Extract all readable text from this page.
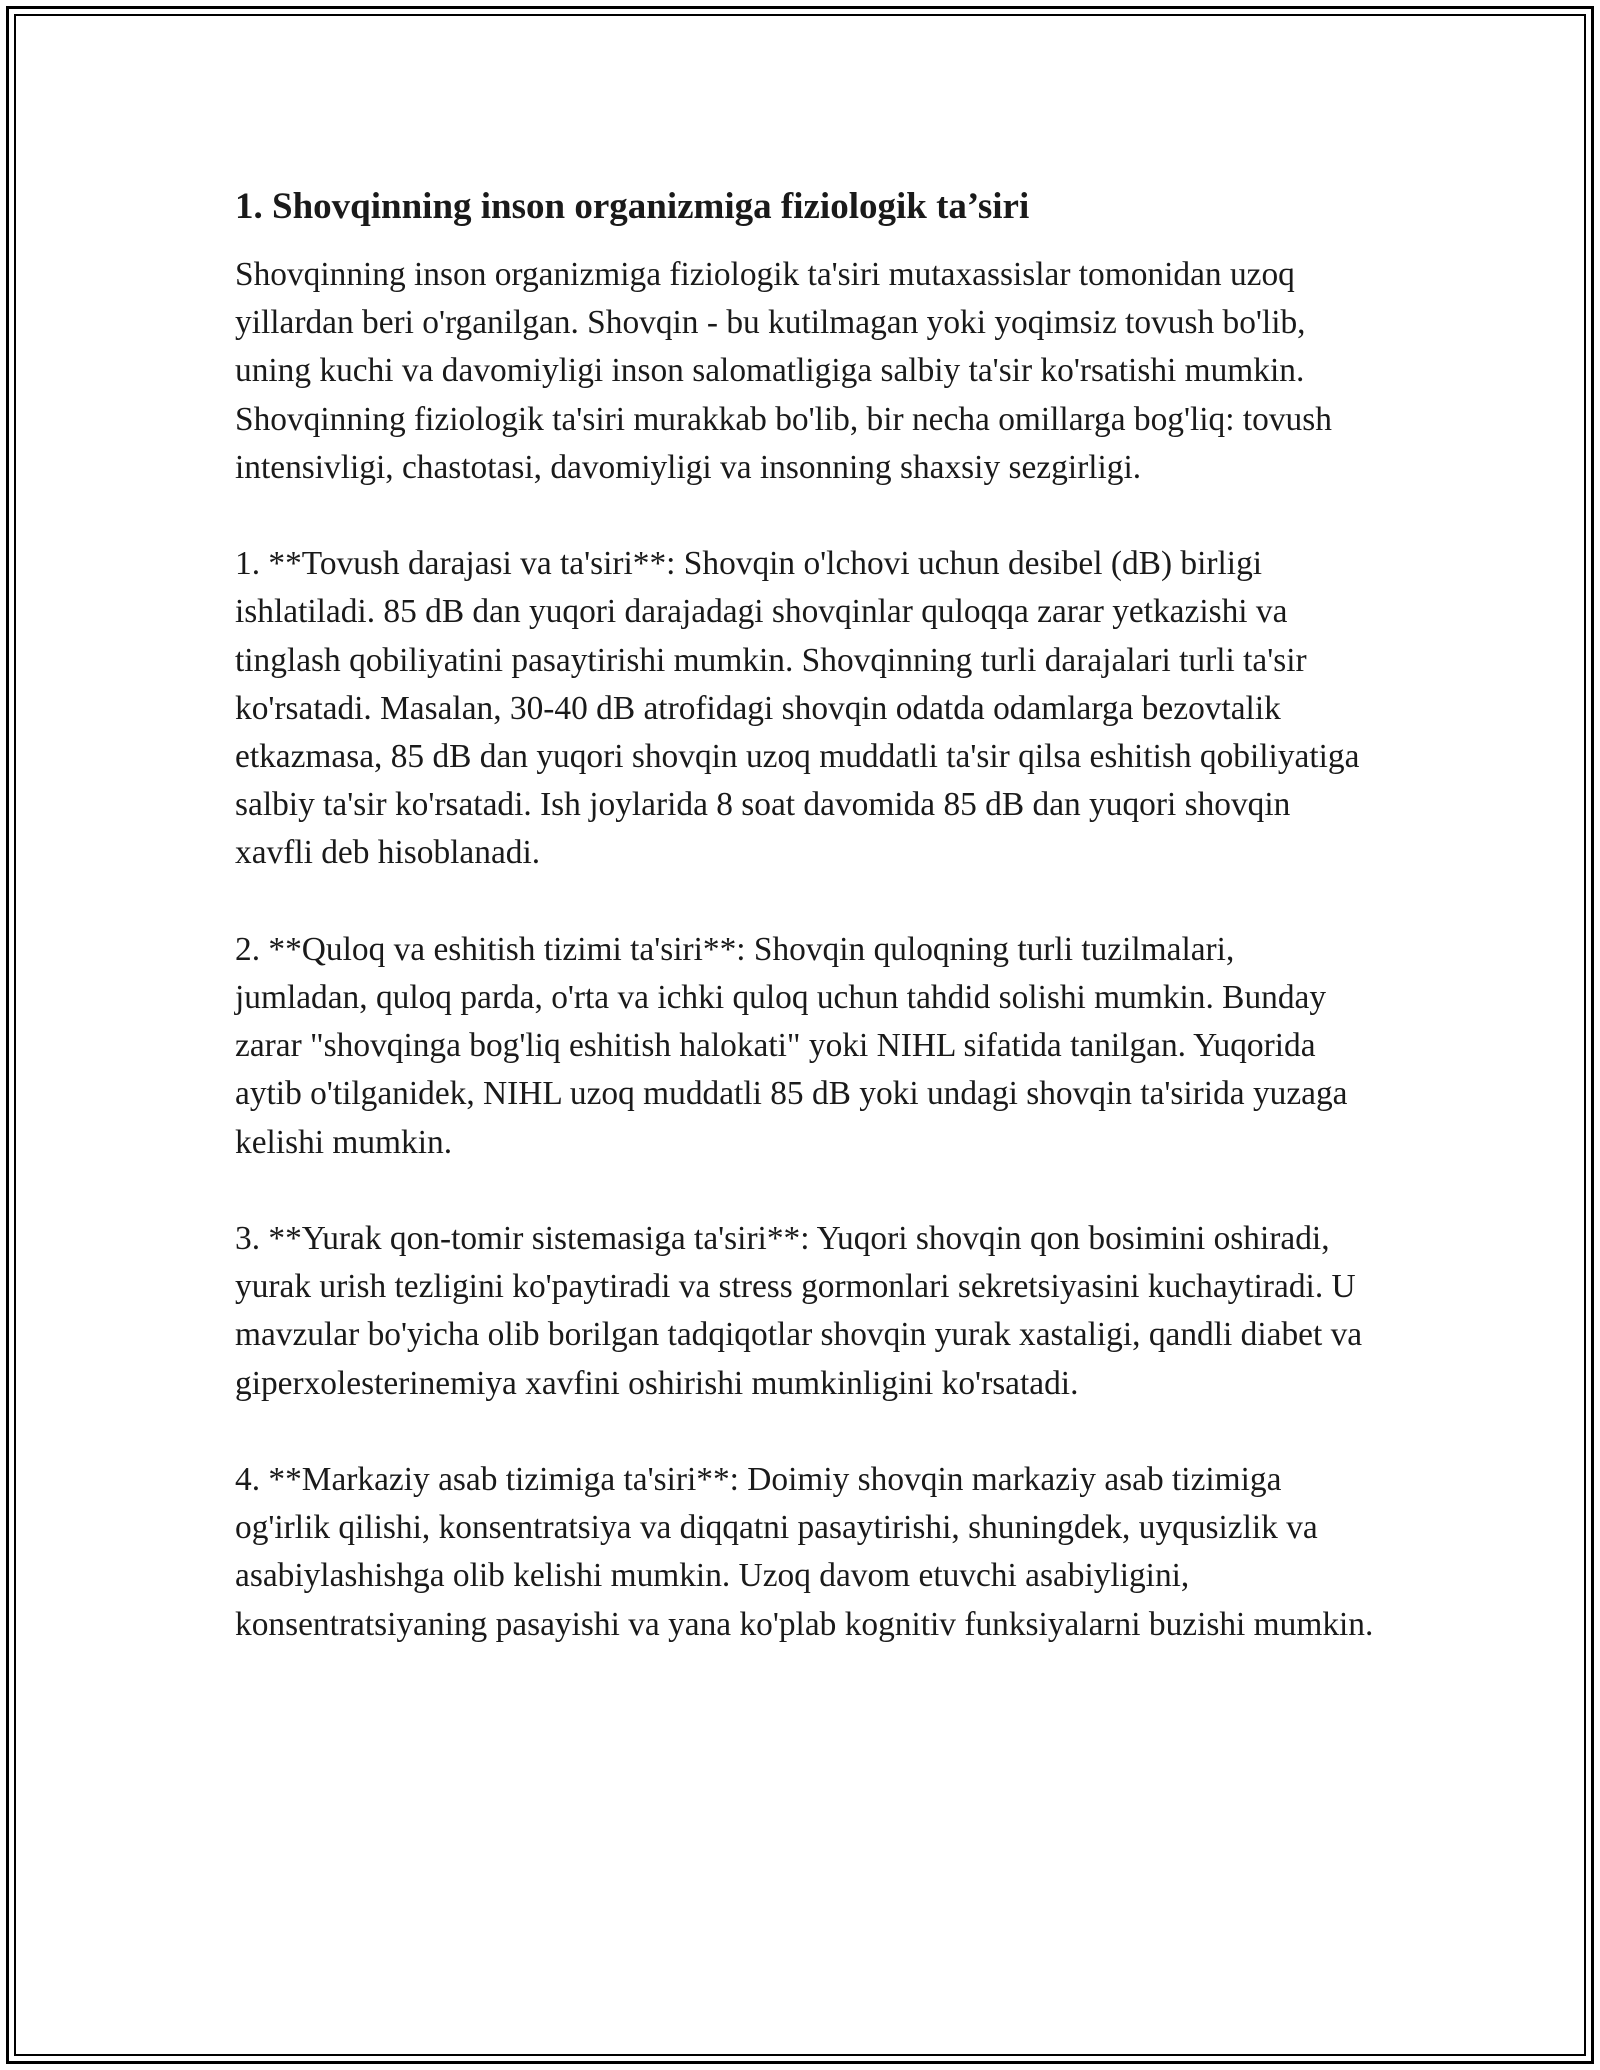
1. Shovqinning inson organizmiga fiziologik ta’siri

Shovqinning inson organizmiga fiziologik ta'siri mutaxassislar tomonidan uzoq yillardan beri o'rganilgan. Shovqin - bu kutilmagan yoki yoqimsiz tovush bo'lib, uning kuchi va davomiyligi inson salomatligiga salbiy ta'sir ko'rsatishi mumkin. Shovqinning fiziologik ta'siri murakkab bo'lib, bir necha omillarga bog'liq: tovush intensivligi, chastotasi, davomiyligi va insonning shaxsiy sezgirligi.

1. **Tovush darajasi va ta'siri**: Shovqin o'lchovi uchun desibel (dB) birligi ishlatiladi. 85 dB dan yuqori darajadagi shovqinlar quloqqa zarar yetkazishi va tinglash qobiliyatini pasaytirishi mumkin. Shovqinning turli darajalari turli ta'sir ko'rsatadi. Masalan, 30-40 dB atrofidagi shovqin odatda odamlarga bezovtalik etkazmasa, 85 dB dan yuqori shovqin uzoq muddatli ta'sir qilsa eshitish qobiliyatiga salbiy ta'sir ko'rsatadi. Ish joylarida 8 soat davomida 85 dB dan yuqori shovqin xavfli deb hisoblanadi.

2. **Quloq va eshitish tizimi ta'siri**: Shovqin quloqning turli tuzilmalari, jumladan, quloq parda, o'rta va ichki quloq uchun tahdid solishi mumkin. Bunday zarar "shovqinga bog'liq eshitish halokati" yoki NIHL sifatida tanilgan. Yuqorida aytib o'tilganidek, NIHL uzoq muddatli 85 dB yoki undagi shovqin ta'sirida yuzaga kelishi mumkin.

3. **Yurak qon-tomir sistemasiga ta'siri**: Yuqori shovqin qon bosimini oshiradi, yurak urish tezligini ko'paytiradi va stress gormonlari sekretsiyasini kuchaytiradi. U mavzular bo'yicha olib borilgan tadqiqotlar shovqin yurak xastaligi, qandli diabet va giperxolesterinemiya xavfini oshirishi mumkinligini ko'rsatadi.

4. **Markaziy asab tizimiga ta'siri**: Doimiy shovqin markaziy asab tizimiga og'irlik qilishi, konsentratsiya va diqqatni pasaytirishi, shuningdek, uyqusizlik va asabiylashishga olib kelishi mumkin. Uzoq davom etuvchi asabiyligini, konsentratsiyaning pasayishi va yana ko'plab kognitiv funksiyalarni buzishi mumkin.
